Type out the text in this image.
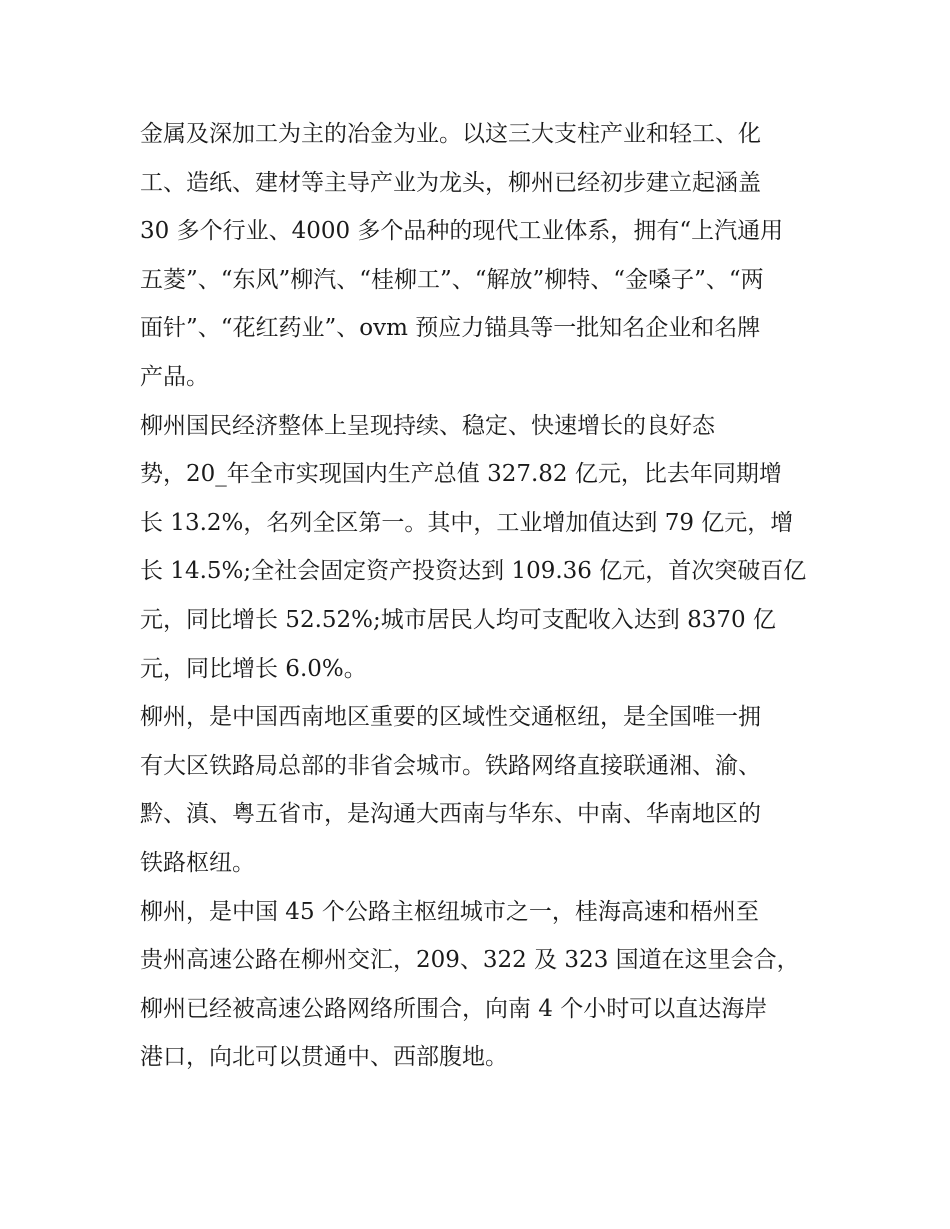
金属及深加工为主的冶金为业。以这三大支柱产业和轻工、化

工、造纸、建材等主导产业为龙头，柳州已经初步建立起涵盖

30 多个行业、4000 多个品种的现代工业体系，拥有“上汽通用

五菱”、“东风”柳汽、“桂柳工”、“解放”柳特、“金嗓子”、“两

面针”、“花红药业”、ovm 预应力锚具等一批知名企业和名牌

产品。

柳州国民经济整体上呈现持续、稳定、快速增长的良好态

势，20_年全市实现国内生产总值 327.82 亿元，比去年同期增

长 13.2%，名列全区第一。其中，工业增加值达到 79 亿元，增

长 14.5%;全社会固定资产投资达到 109.36 亿元，首次突破百亿

元，同比增长 52.52%;城市居民人均可支配收入达到 8370 亿

元，同比增长 6.0%。

柳州，是中国西南地区重要的区域性交通枢纽，是全国唯一拥

有大区铁路局总部的非省会城市。铁路网络直接联通湘、渝、

黔、滇、粤五省市，是沟通大西南与华东、中南、华南地区的

铁路枢纽。

柳州，是中国 45 个公路主枢纽城市之一，桂海高速和梧州至

贵州高速公路在柳州交汇，209、322 及 323 国道在这里会合，

柳州已经被高速公路网络所围合，向南 4 个小时可以直达海岸

港口，向北可以贯通中、西部腹地。
